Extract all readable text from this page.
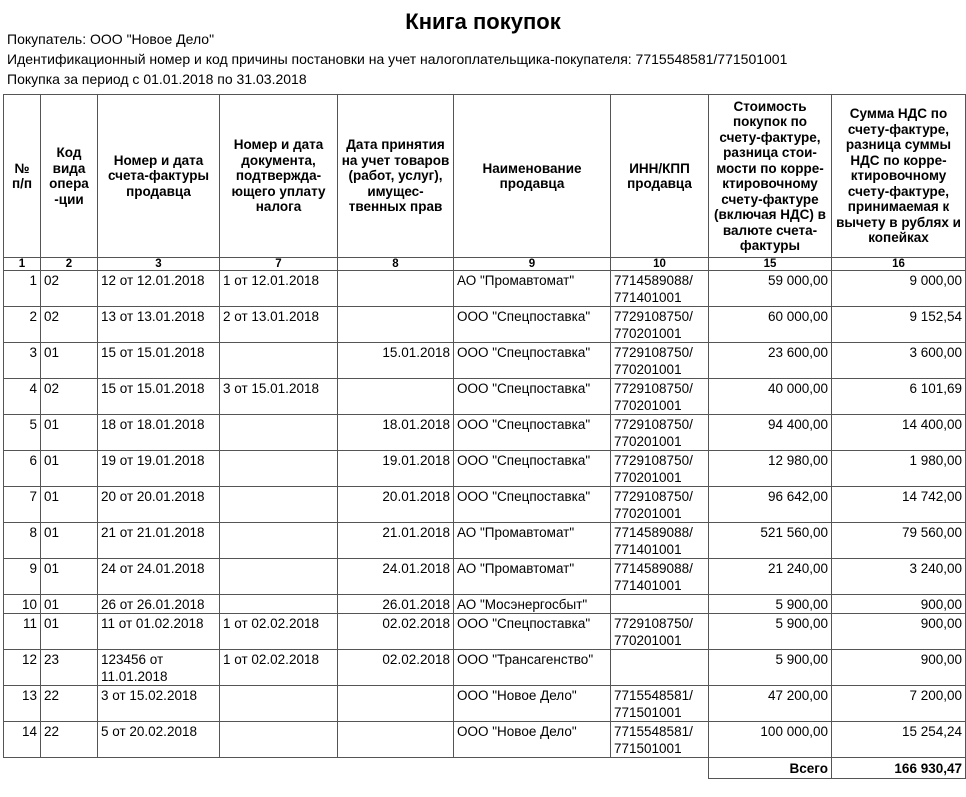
Книга покупок
Покупатель: ООО "Новое Дело"
Идентификационный номер и код причины постановки на учет налогоплательщика-покупателя: 7715548581/771501001
Покупка за период с 01.01.2018 по 31.03.2018
№ п/п	Код вида опера -ции	Номер и дата счета-фактуры продавца	Номер и дата документа, подтвержда-ющего уплату налога	Дата принятия на учет товаров (работ, услуг), имущес-твенных прав	Наименование продавца	ИНН/КПП продавца	Стоимость покупок по счету-фактуре, разница стои-мости по корре-ктировочному счету-фактуре (включая НДС) в валюте счета-фактуры	Сумма НДС по счету-фактуре, разница суммы НДС по корре-ктировочному счету-фактуре, принимаемая к вычету в рублях и копейках
1	2	3	7	8	9	10	15	16
1	02	12 от 12.01.2018	1 от 12.01.2018		АО "Промавтомат"	7714589088/ 771401001	59 000,00	9 000,00
2	02	13 от 13.01.2018	2 от 13.01.2018		ООО "Спецпоставка"	7729108750/ 770201001	60 000,00	9 152,54
3	01	15 от 15.01.2018		15.01.2018	ООО "Спецпоставка"	7729108750/ 770201001	23 600,00	3 600,00
4	02	15 от 15.01.2018	3 от 15.01.2018		ООО "Спецпоставка"	7729108750/ 770201001	40 000,00	6 101,69
5	01	18 от 18.01.2018		18.01.2018	ООО "Спецпоставка"	7729108750/ 770201001	94 400,00	14 400,00
6	01	19 от 19.01.2018		19.01.2018	ООО "Спецпоставка"	7729108750/ 770201001	12 980,00	1 980,00
7	01	20 от 20.01.2018		20.01.2018	ООО "Спецпоставка"	7729108750/ 770201001	96 642,00	14 742,00
8	01	21 от 21.01.2018		21.01.2018	АО "Промавтомат"	7714589088/ 771401001	521 560,00	79 560,00
9	01	24 от 24.01.2018		24.01.2018	АО "Промавтомат"	7714589088/ 771401001	21 240,00	3 240,00
10	01	26 от 26.01.2018		26.01.2018	АО "Мосэнергосбыт"		5 900,00	900,00
11	01	11 от 01.02.2018	1 от 02.02.2018	02.02.2018	ООО "Спецпоставка"	7729108750/ 770201001	5 900,00	900,00
12	23	123456 от 11.01.2018	1 от 02.02.2018	02.02.2018	ООО "Трансагенство"		5 900,00	900,00
13	22	3 от 15.02.2018			ООО "Новое Дело"	7715548581/ 771501001	47 200,00	7 200,00
14	22	5 от 20.02.2018			ООО "Новое Дело"	7715548581/ 771501001	100 000,00	15 254,24
							Всего	166 930,47
